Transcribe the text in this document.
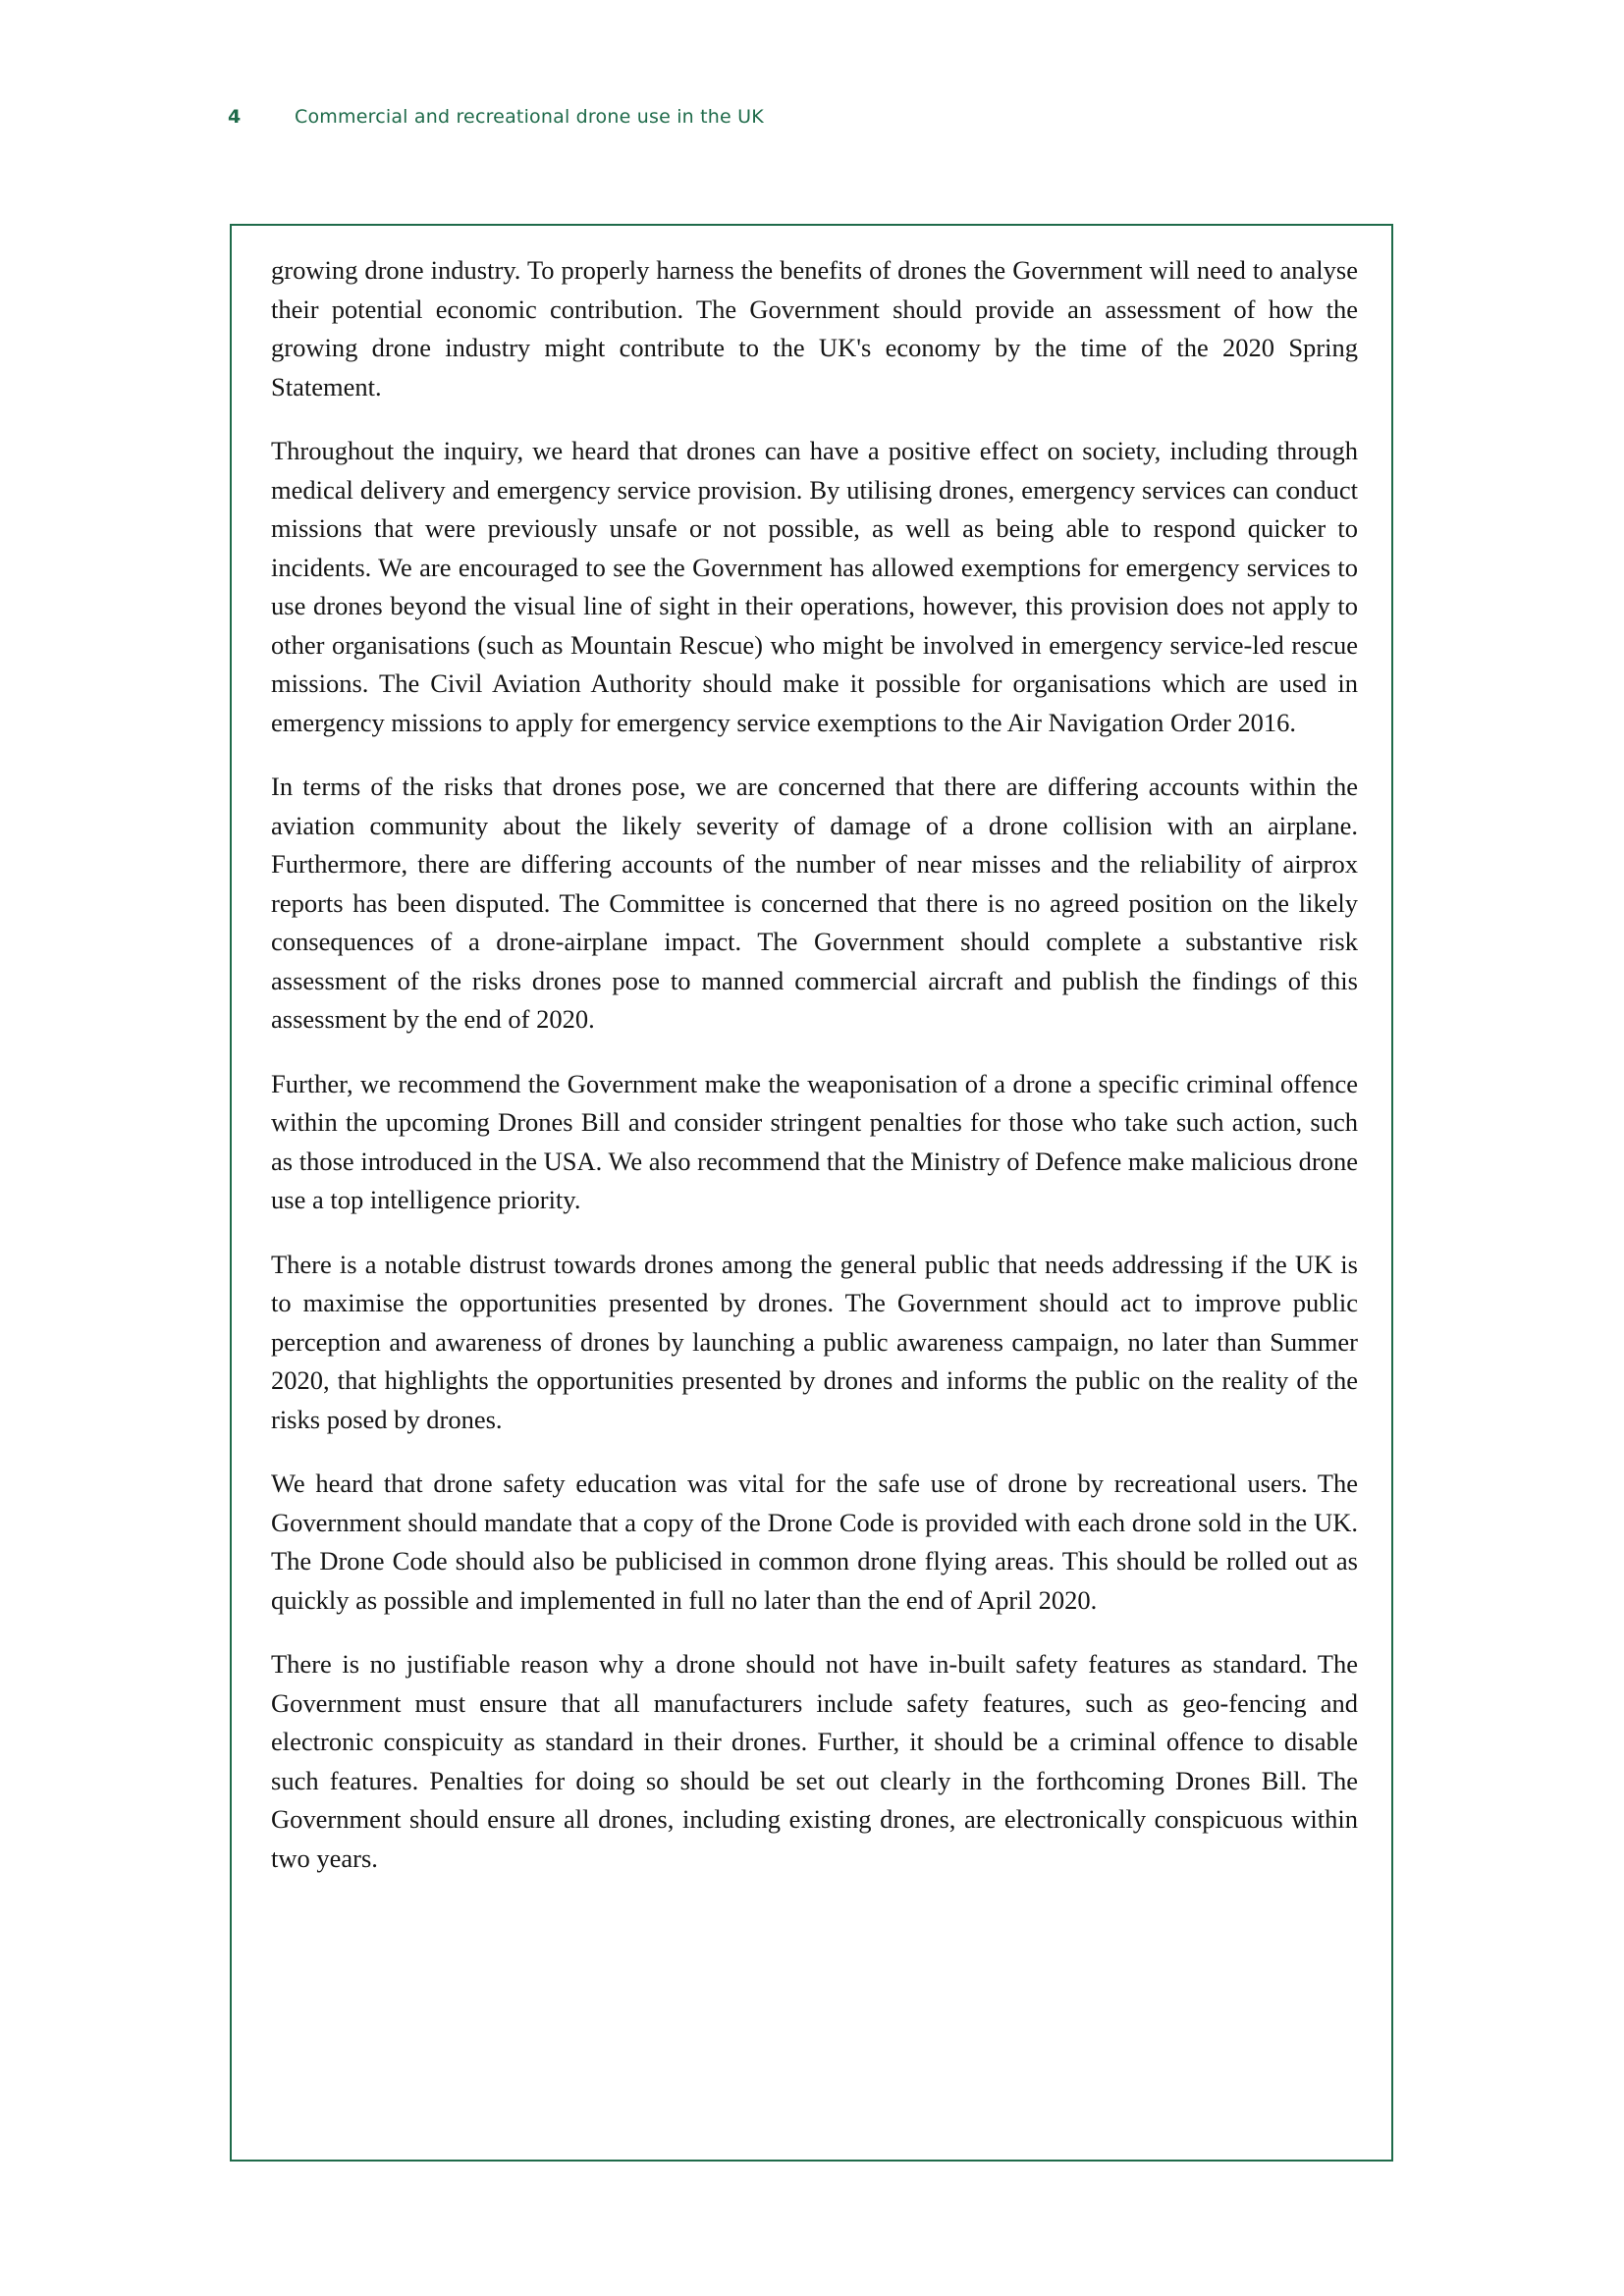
4	Commercial and recreational drone use in the UK

growing drone industry. To properly harness the benefits of drones the Government will need to analyse their potential economic contribution. The Government should provide an assessment of how the growing drone industry might contribute to the UK's economy by the time of the 2020 Spring Statement.

Throughout the inquiry, we heard that drones can have a positive effect on society, including through medical delivery and emergency service provision. By utilising drones, emergency services can conduct missions that were previously unsafe or not possible, as well as being able to respond quicker to incidents. We are encouraged to see the Government has allowed exemptions for emergency services to use drones beyond the visual line of sight in their operations, however, this provision does not apply to other organisations (such as Mountain Rescue) who might be involved in emergency service-led rescue missions. The Civil Aviation Authority should make it possible for organisations which are used in emergency missions to apply for emergency service exemptions to the Air Navigation Order 2016.

In terms of the risks that drones pose, we are concerned that there are differing accounts within the aviation community about the likely severity of damage of a drone collision with an airplane. Furthermore, there are differing accounts of the number of near misses and the reliability of airprox reports has been disputed. The Committee is concerned that there is no agreed position on the likely consequences of a drone-airplane impact. The Government should complete a substantive risk assessment of the risks drones pose to manned commercial aircraft and publish the findings of this assessment by the end of 2020.

Further, we recommend the Government make the weaponisation of a drone a specific criminal offence within the upcoming Drones Bill and consider stringent penalties for those who take such action, such as those introduced in the USA. We also recommend that the Ministry of Defence make malicious drone use a top intelligence priority.

There is a notable distrust towards drones among the general public that needs addressing if the UK is to maximise the opportunities presented by drones. The Government should act to improve public perception and awareness of drones by launching a public awareness campaign, no later than Summer 2020, that highlights the opportunities presented by drones and informs the public on the reality of the risks posed by drones.

We heard that drone safety education was vital for the safe use of drone by recreational users. The Government should mandate that a copy of the Drone Code is provided with each drone sold in the UK. The Drone Code should also be publicised in common drone flying areas. This should be rolled out as quickly as possible and implemented in full no later than the end of April 2020.

There is no justifiable reason why a drone should not have in-built safety features as standard. The Government must ensure that all manufacturers include safety features, such as geo-fencing and electronic conspicuity as standard in their drones. Further, it should be a criminal offence to disable such features. Penalties for doing so should be set out clearly in the forthcoming Drones Bill. The Government should ensure all drones, including existing drones, are electronically conspicuous within two years.
